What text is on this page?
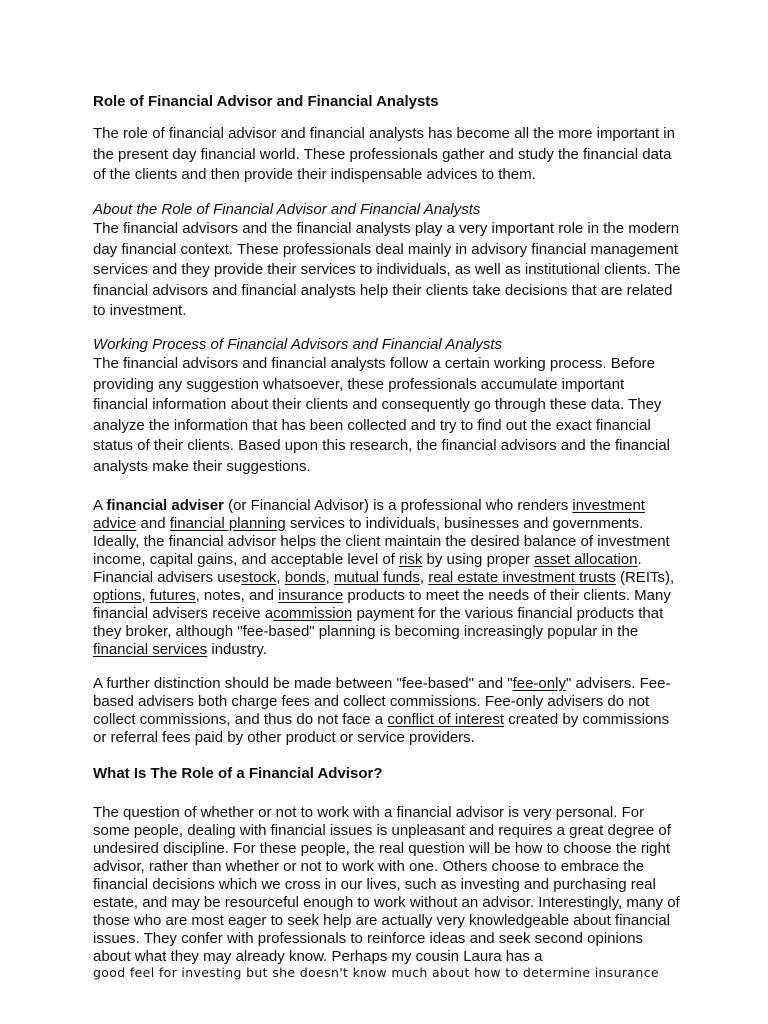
Role of Financial Advisor and Financial Analysts

The role of financial advisor and financial analysts has become all the more important in the present day financial world. These professionals gather and study the financial data of the clients and then provide their indispensable advices to them.

About the Role of Financial Advisor and Financial Analysts

The financial advisors and the financial analysts play a very important role in the modern day financial context. These professionals deal mainly in advisory financial management services and they provide their services to individuals, as well as institutional clients. The financial advisors and financial analysts help their clients take decisions that are related to investment.

Working Process of Financial Advisors and Financial Analysts

The financial advisors and financial analysts follow a certain working process. Before providing any suggestion whatsoever, these professionals accumulate important financial information about their clients and consequently go through these data. They analyze the information that has been collected and try to find out the exact financial status of their clients. Based upon this research, the financial advisors and the financial analysts make their suggestions.

A financial adviser (or Financial Advisor) is a professional who renders investment advice and financial planning services to individuals, businesses and governments. Ideally, the financial advisor helps the client maintain the desired balance of investment income, capital gains, and acceptable level of risk by using proper asset allocation. Financial advisers usestock, bonds, mutual funds, real estate investment trusts (REITs), options, futures, notes, and insurance products to meet the needs of their clients. Many financial advisers receive acommission payment for the various financial products that they broker, although "fee-based" planning is becoming increasingly popular in the financial services industry.

A further distinction should be made between "fee-based" and "fee-only" advisers. Fee-based advisers both charge fees and collect commissions. Fee-only advisers do not collect commissions, and thus do not face a conflict of interest created by commissions or referral fees paid by other product or service providers.

What Is The Role of a Financial Advisor?

The question of whether or not to work with a financial advisor is very personal. For some people, dealing with financial issues is unpleasant and requires a great degree of undesired discipline. For these people, the real question will be how to choose the right advisor, rather than whether or not to work with one. Others choose to embrace the financial decisions which we cross in our lives, such as investing and purchasing real estate, and may be resourceful enough to work without an advisor. Interestingly, many of those who are most eager to seek help are actually very knowledgeable about financial issues. They confer with professionals to reinforce ideas and seek second opinions about what they may already know. Perhaps my cousin Laura has a

good feel for investing but she doesn't know much about how to determine insurance
